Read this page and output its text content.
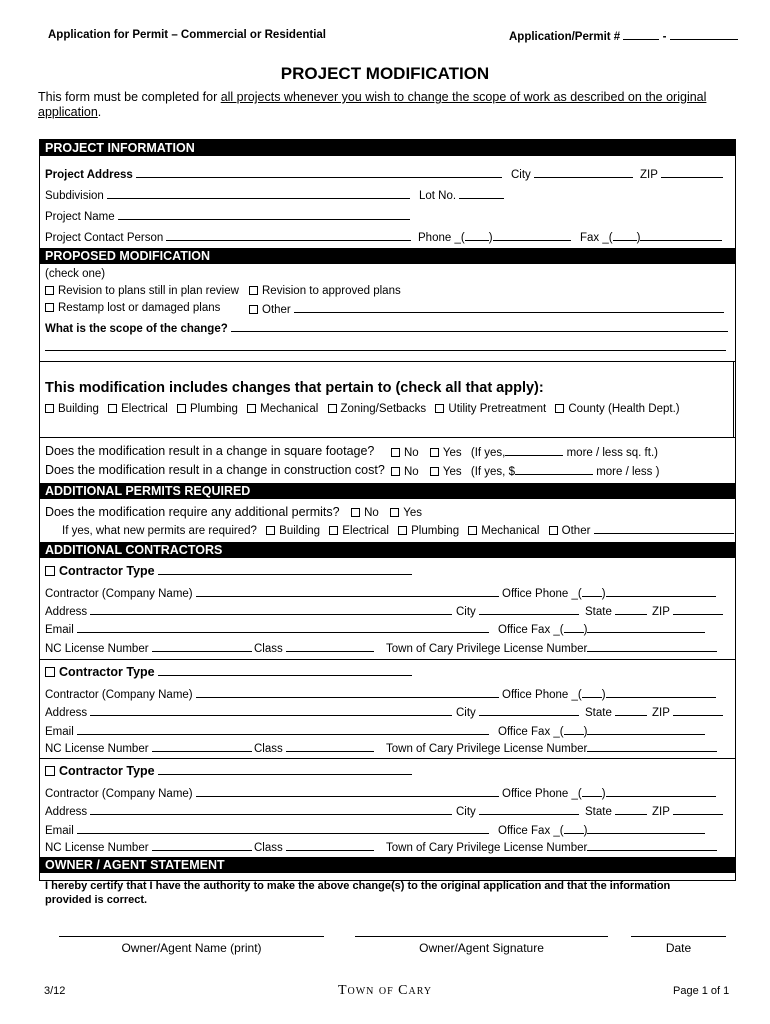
Application for Permit – Commercial or Residential	Application/Permit #	-
PROJECT MODIFICATION
This form must be completed for all projects whenever you wish to change the scope of work as described on the original
application.
PROJECT INFORMATION
Project Address	City	ZIP
Subdivision	Lot No.
Project Name
Project Contact Person	Phone _( )	Fax _( )
PROPOSED MODIFICATION
(check one)
Revision to plans still in plan review	Revision to approved plans
Restamp lost or damaged plans	Other
What is the scope of the change?
This modification includes changes that pertain to (check all that apply):
Building Electrical Plumbing Mechanical Zoning/Setbacks Utility Pretreatment County (Health Dept.)
Does the modification result in a change in square footage?	No Yes (If yes,	more / less sq. ft.)
Does the modification result in a change in construction cost?	No Yes (If yes, $	more / less )
ADDITIONAL PERMITS REQUIRED
Does the modification require any additional permits? No Yes
If yes, what new permits are required? Building Electrical Plumbing Mechanical Other
ADDITIONAL CONTRACTORS
Contractor Type
Contractor (Company Name)	Office Phone _( )
Address	City	State	ZIP
Email	Office Fax _( )
NC License Number	Class	Town of Cary Privilege License Number
Contractor Type
Contractor (Company Name)	Office Phone _( )
Address	City	State	ZIP
Email	Office Fax _( )
NC License Number	Class	Town of Cary Privilege License Number
Contractor Type
Contractor (Company Name)	Office Phone _( )
Address	City	State	ZIP
Email	Office Fax _( )
NC License Number	Class	Town of Cary Privilege License Number
OWNER / AGENT STATEMENT
I hereby certify that I have the authority to make the above change(s) to the original application and that the information
provided is correct.
Owner/Agent Name (print)	Owner/Agent Signature	Date
3/12	Town of Cary	Page 1 of 1
